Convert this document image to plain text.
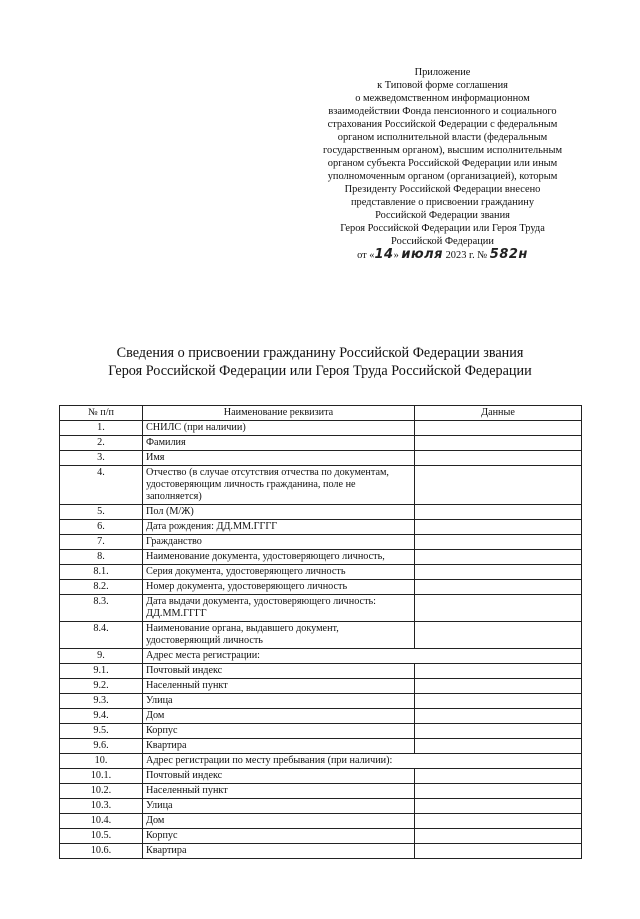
Приложение
к Типовой форме соглашения
о межведомственном информационном
взаимодействии Фонда пенсионного и социального
страхования Российской Федерации с федеральным
органом исполнительной власти (федеральным
государственным органом), высшим исполнительным
органом субъекта Российской Федерации или иным
уполномоченным органом (организацией), которым
Президенту Российской Федерации внесено
представление о присвоении гражданину
Российской Федерации звания
Героя Российской Федерации или Героя Труда
Российской Федерации
от «14» июля 2023 г. № 582н
Сведения о присвоении гражданину Российской Федерации звания
Героя Российской Федерации или Героя Труда Российской Федерации
№ п/п	Наименование реквизита	Данные
1.	СНИЛС (при наличии)	
2.	Фамилия	
3.	Имя	
4.	Отчество (в случае отсутствия отчества по документам, удостоверяющим личность гражданина, поле не заполняется)	
5.	Пол (М/Ж)	
6.	Дата рождения: ДД.ММ.ГГГГ	
7.	Гражданство	
8.	Наименование документа, удостоверяющего личность,	
8.1.	Серия документа, удостоверяющего личность	
8.2.	Номер документа, удостоверяющего личность	
8.3.	Дата выдачи документа, удостоверяющего личность: ДД.ММ.ГГГГ	
8.4.	Наименование органа, выдавшего документ, удостоверяющий личность	
9.	Адрес места регистрации:	
9.1.	Почтовый индекс	
9.2.	Населенный пункт	
9.3.	Улица	
9.4.	Дом	
9.5.	Корпус	
9.6.	Квартира	
10.	Адрес регистрации по месту пребывания (при наличии):	
10.1.	Почтовый индекс	
10.2.	Населенный пункт	
10.3.	Улица	
10.4.	Дом	
10.5.	Корпус	
10.6.	Квартира	
